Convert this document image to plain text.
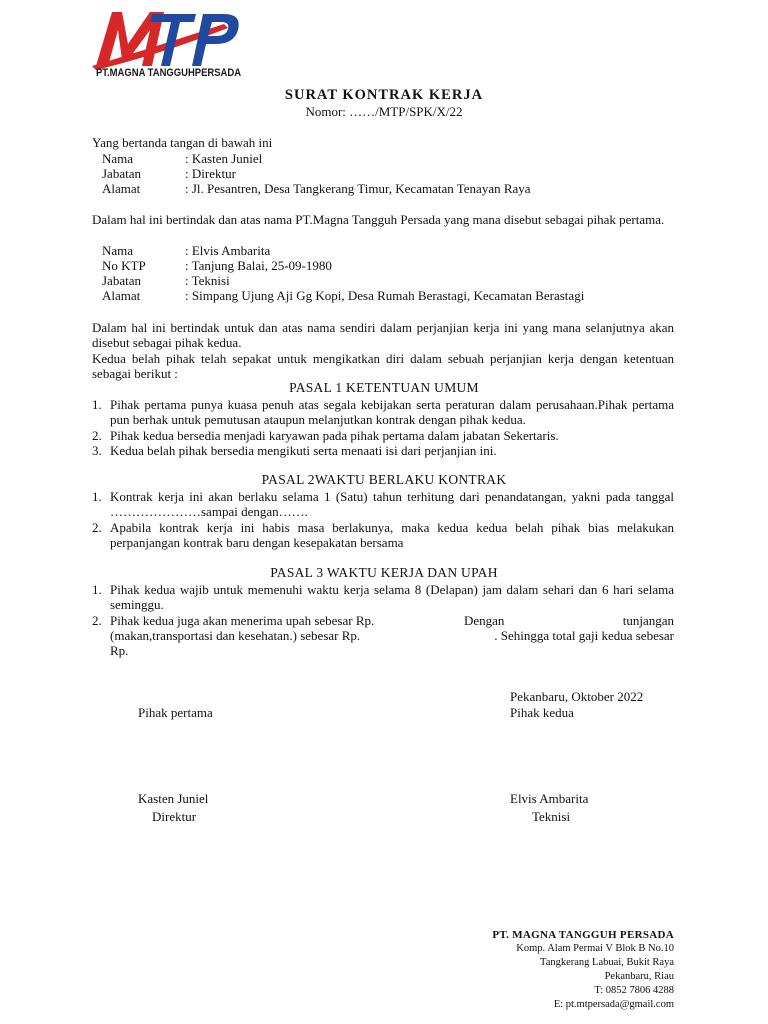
PT.MAGNA TANGGUHPERSADA
SURAT KONTRAK KERJA
Nomor: ……/MTP/SPK/X/22
Yang bertanda tangan di bawah ini
Nama	: Kasten Juniel
Jabatan	: Direktur
Alamat	: Jl. Pesantren, Desa Tangkerang Timur, Kecamatan Tenayan Raya
Dalam hal ini bertindak dan atas nama PT.Magna Tangguh Persada yang mana disebut sebagai pihak pertama.
Nama	: Elvis Ambarita
No KTP	: Tanjung Balai, 25-09-1980
Jabatan	: Teknisi
Alamat	: Simpang Ujung Aji Gg Kopi, Desa Rumah Berastagi, Kecamatan Berastagi
Dalam hal ini bertindak untuk dan atas nama sendiri dalam perjanjian kerja ini yang mana selanjutnya akan disebut sebagai pihak kedua.
Kedua belah pihak telah sepakat untuk mengikatkan diri dalam sebuah perjanjian kerja dengan ketentuan sebagai berikut :
PASAL 1 KETENTUAN UMUM
1. Pihak pertama punya kuasa penuh atas segala kebijakan serta peraturan dalam perusahaan.Pihak pertama pun berhak untuk pemutusan ataupun melanjutkan kontrak dengan pihak kedua.
2. Pihak kedua bersedia menjadi karyawan pada pihak pertama dalam jabatan Sekertaris.
3. Kedua belah pihak bersedia mengikuti serta menaati isi dari perjanjian ini.
PASAL 2WAKTU BERLAKU KONTRAK
1. Kontrak kerja ini akan berlaku selama 1 (Satu) tahun terhitung dari penandatangan, yakni pada tanggal …………………sampai dengan…….
2. Apabila kontrak kerja ini habis masa berlakunya, maka kedua kedua belah pihak bias melakukan perpanjangan kontrak baru dengan kesepakatan bersama
PASAL 3 WAKTU KERJA DAN UPAH
1. Pihak kedua wajib untuk memenuhi waktu kerja selama 8 (Delapan) jam dalam sehari dan 6 hari selama seminggu.
2. Pihak kedua juga akan menerima upah sebesar Rp.	Dengan	tunjangan
(makan,transportasi dan kesehatan.) sebesar Rp.	. Sehingga total gaji kedua sebesar
Rp.
Pekanbaru, Oktober 2022
Pihak pertama	Pihak kedua
Kasten Juniel
Direktur
Elvis Ambarita
Teknisi
PT. MAGNA TANGGUH PERSADA
Komp. Alam Permai V Blok B No.10
Tangkerang Labuai, Bukit Raya
Pekanbaru, Riau
T: 0852 7806 4288
E: pt.mtpersada@gmail.com
